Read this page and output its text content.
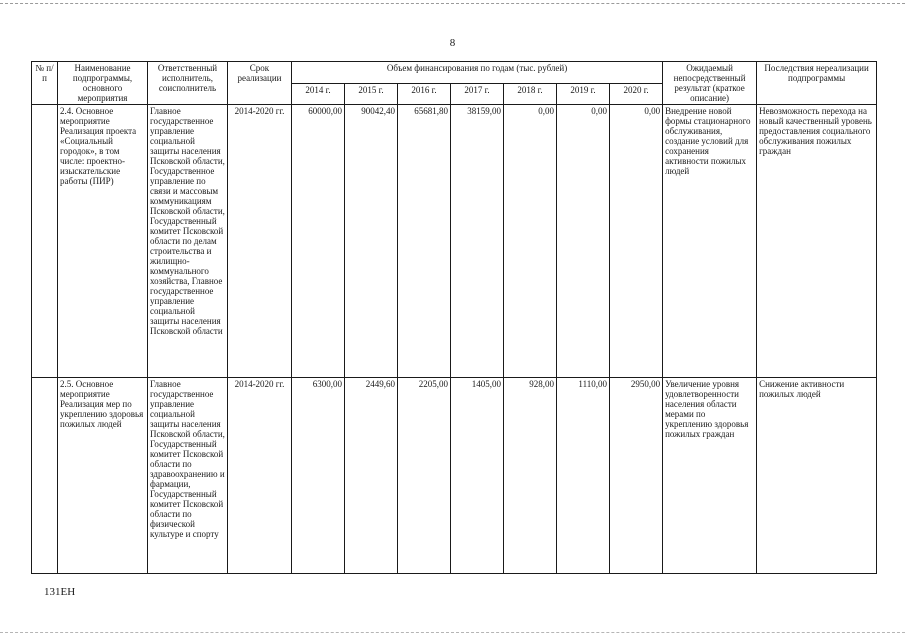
8
№ п/п	Наименование подпрограммы, основного мероприятия	Ответственный исполнитель, соисполнитель	Срок реализации	Объем финансирования по годам (тыс. рублей)							Ожидаемый непосредственный результат (краткое описание)	Последствия нереализации подпрограммы
				2014 г.	2015 г.	2016 г.	2017 г.	2018 г.	2019 г.	2020 г.		
	2.4. Основное мероприятие Реализация проекта «Социальный городок», в том числе: проектно-изыскательские работы (ПИР)	Главное государственное управление социальной защиты населения Псковской области, Государственное управление по связи и массовым коммуникациям Псковской области, Государственный комитет Псковской области по делам строительства и жилищно-коммунального хозяйства, Главное государственное управление социальной защиты населения Псковской области	2014-2020 гг.	60000,00	90042,40	65681,80	38159,00	0,00	0,00	0,00	Внедрение новой формы стационарного обслуживания, создание условий для сохранения активности пожилых людей	Невозможность перехода на новый качественный уровень предоставления социального обслуживания пожилых граждан
	2.5. Основное мероприятие Реализация мер по укреплению здоровья пожилых людей	Главное государственное управление социальной защиты населения Псковской области, Государственный комитет Псковской области по здравоохранению и фармации, Государственный комитет Псковской области по физической культуре и спорту	2014-2020 гг.	6300,00	2449,60	2205,00	1405,00	928,00	1110,00	2950,00	Увеличение уровня удовлетворенности населения области мерами по укреплению здоровья пожилых граждан	Снижение активности пожилых людей
131EH
